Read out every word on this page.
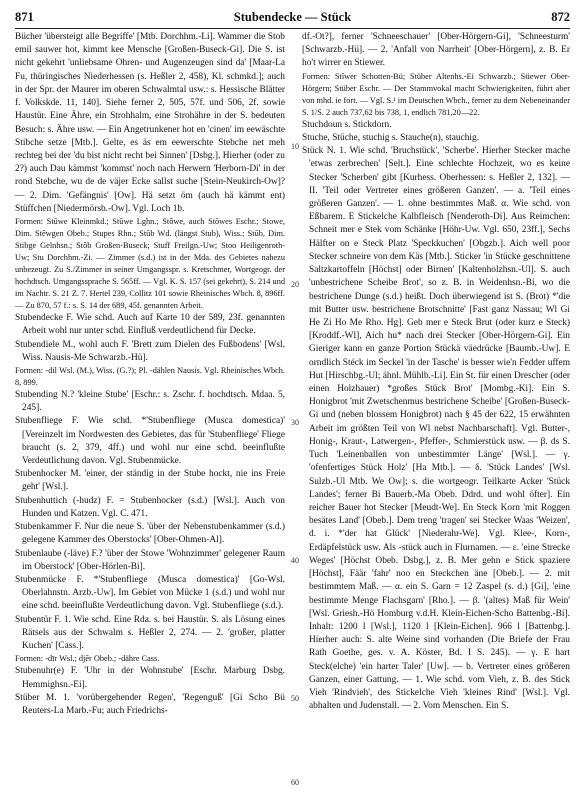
871	Stubendecke — Stück	872

Bücher 'übersteigt alle Begriffe' [Mtb. Dorchhm.-Li]. Wammer die Stob emil sauwer hot, kimmt kee Mensche [Großen-Buseck-Gi]. Die S. ist nicht gekehrt 'unliebsame Ohren- und Augenzeugen sind da' [Maar-La Fu, thüringisches Niederhessen (s. Heßler 2, 458), Kl. schmkd.]; auch in der Spr. der Maurer im oberen Schwalmtal usw.: s. Hessische Blätter f. Volkskde. 11, 140]. Siehe ferner 2, 505, 57f. und 506, 2f. sowie Haustür. Eine Ähre, ein Strohhalm, eine Strohähre in der S. bedeuten Besuch: s. Ähre usw. — Ein Angetrunkener hot en 'cinen' im eewäschte Stibche setze [Mtb.]. Gelte, es äs em eewerschte Stebche net meh rechteg bei der 'du bist nicht recht bei Sinnen' [Dsbg.]. Hierher (oder zu 2?) auch Dau kämmst 'kommst' noch nach Herwern 'Herborn-Di' in der rond Stebche, wu de de väjer Ecke sallst suche [Stein-Neukirch-Ow]? — 2. Dim. 'Gefängnis' [Ow]. Hä setzt öm (auch hä kämmt ent) Stüffchen [Niedermörsb.-Ow]. Vgl. Loch 1b.

Formen: Stūwe Kleinmkd.; Stūwe Lghn.; Stôwe, auch Stōwes Eschr.; Stowe, Dim. Stêwgen Obeb.; Stupes Rhn.; Stūb Wd. (längst Stub), Wiss.; Stūb, Dim. Stibge Gelnhsn.; Stôb Großen-Buseck; Stuff Freilgn.-Uw; Stoo Heiligenroth-Uw; Stu Dorchhm.-Zi. — Zimmer (s.d.) ist in der Mda. des Gebietes nahezu unbezeugt. Zu S./Zimmer in seiner Umgangsspr. s. Kretschmer, Wortgeogr. der hochdtsch. Umgangssprache S. 565ff. — Vgl. K. S. 157 (sei gekehrt), S. 214 und im Nachtr. S. 21 Z. 7. Hertel 239, Collitz 101 sowie Rheinisches Wbch. 8, 896ff. — Zu 870, 57 f.: s. S. 14 der 689, 45f. genannten Arbeit.

Stubendecke F. Wie schd. Auch auf Karte 10 der 589, 23f. genannten Arbeit wohl nur unter schd. Einfluß verdeutlichend für Decke.

Stubendiele M., wohl auch F. 'Brett zum Dielen des Fußbodens' [Wsl. Wiss. Nausis-Me Schwarzb.-Hü].

Formen: -dil Wsl. (M.), Wiss. (G.?); Pl. -dählen Nausis. Vgl. Rheinisches Wbch. 8, 899.

Stubending N.? 'kleine Stube' [Eschr.: s. Zschr. f. hochdtsch. Mdaa. 5, 245].

Stubenfliege F. Wie schd. *'Stubenfliege (Musca domestica)' [Vereinzelt im Nordwesten des Gebietes, das für 'Stubenfliege' Fliege braucht (s. 2, 379, 4ff.) und wohl nur eine schd. beeinflußte Verdeutlichung davon. Vgl. Stubenmücke.

Stubenhocker M. 'einer, der ständig in der Stube hockt, nie ins Freie geht' [Wsl.].

Stubenhuttich (-hudz) F. = Stubenhocker (s.d.) [Wsl.]. Auch von Hunden und Katzen. Vgl. C. 471.

Stubenkammer F. Nur die neue S. 'über der Nebenstubenkammer (s.d.) gelegene Kammer des Oberstocks' [Ober-Ohmen-Al].

Stubenlaube (-läve) F.? 'über der Stowe 'Wohnzimmer' gelegener Raum im Oberstock' [Ober-Hörlen-Bi].

Stubenmücke F. *'Stubenfliege (Musca domestica)' [Go-Wsl. Oberlahnstn. Arzb.-Uw]. Im Gebiet von Mücke 1 (s.d.) und wohl nur eine schd. beeinflußte Verdeutlichung davon. Vgl. Stubenfliege (s.d.).

Stubentür F. 1. Wie schd. Eine Rda. s. bei Haustür. S. als Lösung eines Rätsels aus der Schwalm s. Heßler 2, 274. — 2. 'großer, platter Kuchen' [Cass.].

Formen: -dīr Wsl.; djēr Obeb.; -dähre Cass.

Stubenuhr(e) F. 'Uhr in der Wohnstube' [Eschr. Marburg Dsbg. Hemmighsn.-Ei].

Stüber M. 1. 'vorübergehender Regen', 'Regenguß' [Gi Scho Bü Reuters-La Marb.-Fu; auch Friedrichs-

10
20
30
40
50
60

df.-Ot?], ferner 'Schneeschauer' [Ober-Hörgern-Gi], 'Schneesturm' [Schwarzb.-Hü]. — 2. 'Anfall von Narrheit' [Ober-Hörgern], z. B. Er ho't wirrer en Stiewer.

Formen: Stîwer Schotten-Bü; Stüber Altenhs.-Ei Schwarzb.; Stiewer Ober-Hörgern; Stüber Eschr. — Der Stammvokal macht Schwierigkeiten, führt aber von mhd. ie fort. — Vgl. S.¹ im Deutschen Wbch., ferner zu dem Nebeneinander S. 1/S. 2 auch 737,62 bis 738, 1, endlich 781,20—22.

Stuchdoun s. Stickdorn.

Stuche, Stüche, stuchig s. Stauche(n), stauchig.

Stück N. 1. Wie schd. 'Bruchstück', 'Scherbe'. Hierher Stecker mache 'etwas zerbrechen' [Selt.]. Eine schlechte Hochzeit, wo es keine Stecker 'Scherben' gibt [Kurhess. Oberhessen: s. Heßler 2, 132]. — II. 'Teil oder Vertreter eines größeren Ganzen'. — a. 'Teil eines größeren Ganzen'. — 1. ohne bestimmtes Maß. α. Wie schd. von Eßbarem. E Stickelche Kalbfleisch [Nenderoth-Di]. Aus Reimchen: Schneit mer e Stek vom Schänke [Höhr-Uw. Vgl. 650, 23ff.], Sechs Hälfter on e Steck Platz 'Speckkuchen' [Obgzb.]. Aich well poor Stecker schneire von dem Käs [Mtb.]. Sticker 'in Stücke geschnittene Saltzkartoffeln [Höchst] oder Birnen' [Kaltenholzhsn.-Ul]. S. auch 'unbestrichene Scheibe Brot', so z. B. in Weidenhsn.-Bi, wo die bestrichene Dunge (s.d.) heißt. Doch überwiegend ist S. (Brot) *'die mit Butter usw. bestrichene Brotschnitte' [Fast ganz Nassau; Wl Gi He Zi Ho Me Rho. Hg]. Geb mer e Steck Brut (oder kurz e Steck) [Kroddf.-Wl], Aich hu* nach drei Stecker [Ober-Hörgern-Gi]. Ein Gieriger kann en ganze Portion Stückä väedrücke [Baumb.-Uw]. E orndlich Stéck im Seckel 'in der Tasche' is besser wie'n Fedder uffem Hut [Hirschbg.-Ul; ähnl. Mühlb.-Li]. Ein St. für einen Drescher (oder einen Holzhauer) *großes Stück Brot' [Mombg.-Ki]. Ein S. Honigbrot 'mit Zwetschenmus bestrichene Scheibe' [Großen-Buseck-Gi und (neben blossem Honigbrot) nach § 45 der 622, 15 erwähnten Arbeit im größten Teil von Wl nebst Nachbarschaft]. Vgl. Butter-, Honig-, Kraut-, Latwergen-, Pfeffer-, Schmierstück usw. — β. ds S. Tuch 'Leinenballen von unbestimmter Länge' [Wsl.]. — γ. 'ofenfertiges Stück Holz' [Ha Mtb.]. — δ. 'Stück Landes' [Wsl. Sulzb.-Ul Mtb. We Ow]; s. die wortgeogr. Teilkarte Acker 'Stück Landes'; ferner Bi Bauerb.-Ma Obeb. Ddrd. und wohl öfter]. Ein reicher Bauer hot Stecker [Meudt-We]. En Steck Korn 'mit Roggen besätes Land' [Obeb.]. Dem treng 'tragen' sei Stecker Waas 'Weizen', d. i. *'der hat Glück' [Niederahr-We]. Vgl. Klee-, Korn-, Erdäpfelstück usw. Als -stück auch in Flurnamen. — ε. 'eine Strecke Weges' [Höchst Obeb. Dsbg.], z. B. Mer gehn e Stick spaziere [Höchst], Fäär 'fahr' noo en Steckchen äne [Obeb.]. — 2. mit bestimmtem Maß. — α. ein S. Garn = 12 Zaspel (s. d.) [Gi], 'eine bestimmte Menge Flachsgarn' [Rho.]. — β. '(altes) Maß für Wein' [Wsl. Griesh.-Hö Homburg v.d.H. Klein-Eichen-Scho Battenbg.-Bi]. Inhalt: 1200 l [Wsl.], 1120 l [Klein-Eichen]. 966 l [Battenbg.]. Hierher auch: S. alte Weine sind vorhanden (Die Briefe der Frau Rath Goethe, ges. v. A. Köster, Bd. I S. 245). — γ. E hart Steck(elche) 'ein harter Taler' [Uw]. — b. Vertreter eines größeren Ganzen, einer Gattung. — 1. Wie schd. vom Vieh, z. B. des Stick Vieh 'Rindvieh', des Stickelche Vieh 'kleines Rind' [Wsl.]. Vgl. abhalten und Judenstall. — 2. Vom Menschen. Ein S.
